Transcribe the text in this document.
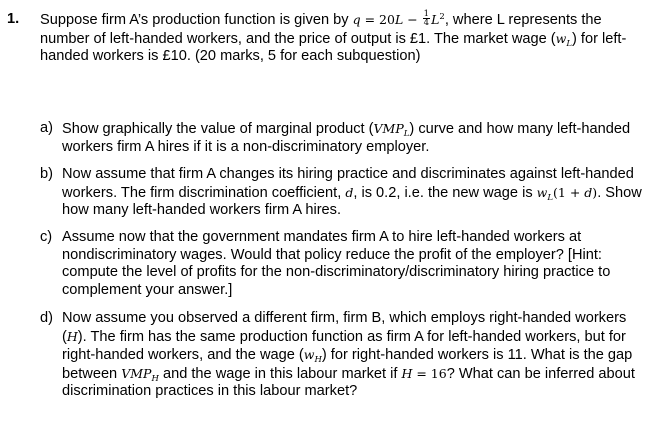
1. Suppose firm A’s production function is given by $q = 20L - \frac{1}{4} L^2$, where L represents the number of left-handed workers, and the price of output is £1. The market wage $(w_L)$ for left-handed workers is £10. (20 marks, 5 for each subquestion)
a) Show graphically the value of marginal product $(VMP_L)$ curve and how many left-handed workers firm A hires if it is a non-discriminatory employer.
b) Now assume that firm A changes its hiring practice and discriminates against left-handed workers. The firm discrimination coefficient, d, is 0.2, i.e. the new wage is $w_L(1 + d)$. Show how many left-handed workers firm A hires.
c) Assume now that the government mandates firm A to hire left-handed workers at nondiscriminatory wages. Would that policy reduce the profit of the employer? [Hint: compute the level of profits for the non-discriminatory/discriminatory hiring practice to complement your answer.]
d) Now assume you observed a different firm, firm B, which employs right-handed workers (H). The firm has the same production function as firm A for left-handed workers, but for right-handed workers, and the wage $(w_H)$ for right-handed workers is 11. What is the gap between $VMP_H$ and the wage in this labour market if H = 16? What can be inferred about discrimination practices in this labour market?
